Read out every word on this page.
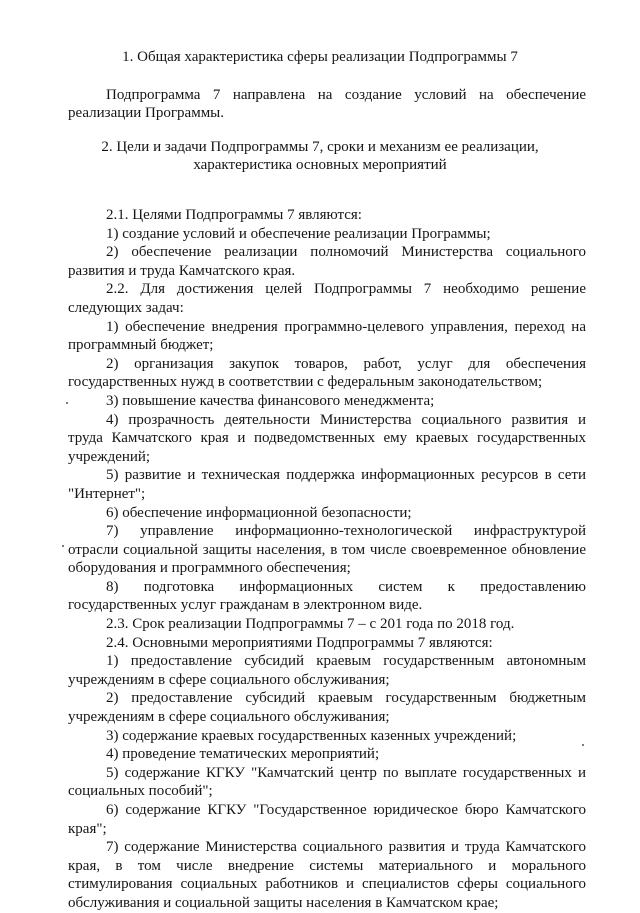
1. Общая характеристика сферы реализации Подпрограммы 7

Подпрограмма 7 направлена на создание условий на обеспечение реализации Программы.

2. Цели и задачи Подпрограммы 7, сроки и механизм ее реализации,
характеристика основных мероприятий

2.1. Целями Подпрограммы 7 являются:

1) создание условий и обеспечение реализации Программы;

2) обеспечение реализации полномочий Министерства социального развития и труда Камчатского края.

2.2. Для достижения целей Подпрограммы 7 необходимо решение следующих задач:

1) обеспечение внедрения программно-целевого управления, переход на программный бюджет;

2) организация закупок товаров, работ, услуг для обеспечения государственных нужд в соответствии с федеральным законодательством;

3) повышение качества финансового менеджмента;

4) прозрачность деятельности Министерства социального развития и труда Камчатского края и подведомственных ему краевых государственных учреждений;

5) развитие и техническая поддержка информационных ресурсов в сети "Интернет";

6) обеспечение информационной безопасности;

7) управление информационно-технологической инфраструктурой отрасли социальной защиты населения, в том числе своевременное обновление оборудования и программного обеспечения;

8) подготовка информационных систем к предоставлению государственных услуг гражданам в электронном виде.

2.3. Срок реализации Подпрограммы 7 – с 201 года по 2018 год.

2.4. Основными мероприятиями Подпрограммы 7 являются:

1) предоставление субсидий краевым государственным автономным учреждениям в сфере социального обслуживания;

2) предоставление субсидий краевым государственным бюджетным учреждениям в сфере социального обслуживания;

3) содержание краевых государственных казенных учреждений;

4) проведение тематических мероприятий;

5) содержание КГКУ "Камчатский центр по выплате государственных и социальных пособий";

6) содержание КГКУ "Государственное юридическое бюро Камчатского края";

7) содержание Министерства социального развития и труда Камчатского края, в том числе внедрение системы материального и морального стимулирования социальных работников и специалистов сферы социального обслуживания и социальной защиты населения в Камчатском крае;
